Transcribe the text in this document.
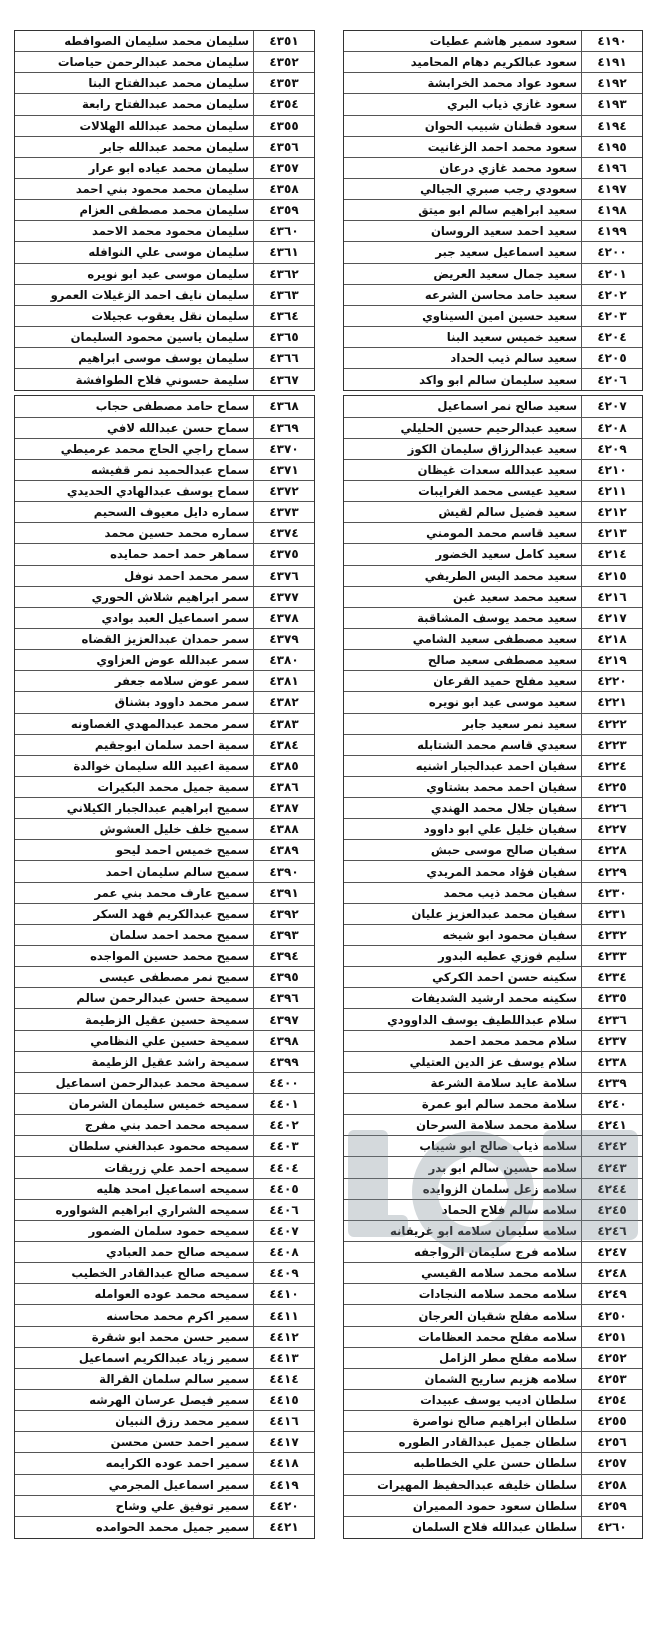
٤١٩٠
سعود سمير هاشم عطيات
٤١٩١
سعود عبالكريم دهام المحاميد
٤١٩٢
سعود عواد محمد الخرابشة
٤١٩٣
سعود غازي ذياب البري
٤١٩٤
سعود قطنان شبيب الحوان
٤١٩٥
سعود محمد احمد الزغانيت
٤١٩٦
سعود محمد غازي درعان
٤١٩٧
سعودي رجب صبري الجبالي
٤١٩٨
سعيد ابراهيم سالم ابو ميتق
٤١٩٩
سعيد احمد سعيد الروسان
٤٢٠٠
سعيد اسماعيل سعيد جبر
٤٢٠١
سعيد جمال سعيد العريض
٤٢٠٢
سعيد حامد محاسن الشرعه
٤٢٠٣
سعيد حسين امين السيناوي
٤٢٠٤
سعيد خميس سعيد البنا
٤٢٠٥
سعيد سالم ذيب الحداد
٤٢٠٦
سعيد سليمان سالم ابو واكد
٤٢٠٧
سعيد صالح نمر اسماعيل
٤٢٠٨
سعيد عبدالرحيم حسين الحليلي
٤٢٠٩
سعيد عبدالرزاق سليمان الكوز
٤٢١٠
سعيد عبدالله سعدات غيظان
٤٢١١
سعيد عيسى محمد الغرايبات
٤٢١٢
سعيد فضيل سالم لقيش
٤٢١٣
سعيد قاسم محمد المومني
٤٢١٤
سعيد كامل سعيد الخضور
٤٢١٥
سعيد محمد اليس الطريفي
٤٢١٦
سعيد محمد سعيد غبن
٤٢١٧
سعيد محمد يوسف المشاقبة
٤٢١٨
سعيد مصطفى سعيد الشامي
٤٢١٩
سعيد مصطفى سعيد صالح
٤٢٢٠
سعيد مفلح حميد القرعان
٤٢٢١
سعيد موسى عيد ابو نويره
٤٢٢٢
سعيد نمر سعيد جابر
٤٢٢٣
سعيدي قاسم محمد الشتابله
٤٢٢٤
سفيان احمد عبدالجبار اشنيه
٤٢٢٥
سفيان احمد محمد بشتاوي
٤٢٢٦
سفيان جلال محمد الهندي
٤٢٢٧
سفيان خليل علي ابو داوود
٤٢٢٨
سفيان صالح موسى حبش
٤٢٢٩
سفيان فؤاد محمد المريدي
٤٢٣٠
سفيان محمد ذيب محمد
٤٢٣١
سفيان محمد عبدالعزيز عليان
٤٢٣٢
سفيان محمود ابو شيخه
٤٢٣٣
سليم فوزي عطيه البدور
٤٢٣٤
سكينه حسن احمد الكركي
٤٢٣٥
سكينه محمد ارشيد الشديفات
٤٢٣٦
سلام عبداللطيف يوسف الداوودي
٤٢٣٧
سلام محمد محمد احمد
٤٢٣٨
سلام يوسف عز الدين العتيلي
٤٢٣٩
سلامة عايد سلامة الشرعة
٤٢٤٠
سلامة محمد سالم ابو عمرة
٤٢٤١
سلامة محمد سلامة السرحان
٤٢٤٢
سلامه ذياب صالح ابو شيباب
٤٢٤٣
سلامه حسين سالم ابو بدر
٤٢٤٤
سلامه زعل سلمان الزوايده
٤٢٤٥
سلامه سالم فلاح الحماد
٤٢٤٦
سلامه سليمان سلامه ابو غريقانه
٤٢٤٧
سلامه فرج سليمان الرواجفه
٤٢٤٨
سلامه محمد سلامه القيسي
٤٢٤٩
سلامه محمد سلامه النجادات
٤٢٥٠
سلامه مفلح شقيان العرجان
٤٢٥١
سلامه مفلح محمد العظامات
٤٢٥٢
سلامه مفلح مطر الزامل
٤٢٥٣
سلامه هزيم ساريح الشمان
٤٢٥٤
سلطان اديب يوسف عبيدات
٤٢٥٥
سلطان ابراهيم صالح نواصرة
٤٢٥٦
سلطان جميل عبدالقادر الطوره
٤٢٥٧
سلطان حسن علي الخطاطبه
٤٢٥٨
سلطان خليفه عبدالحفيظ المهيرات
٤٢٥٩
سلطان سعود حمود المميران
٤٢٦٠
سلطان عبدالله فلاح السلمان
٤٣٥١
سليمان محمد سليمان الصوافطه
٤٣٥٢
سليمان محمد عبدالرحمن حياصات
٤٣٥٣
سليمان محمد عبدالفتاح البنا
٤٣٥٤
سليمان محمد عبدالفتاح رابعة
٤٣٥٥
سليمان محمد عبدالله الهلالات
٤٣٥٦
سليمان محمد عبدالله جابر
٤٣٥٧
سليمان محمد عياده ابو عرار
٤٣٥٨
سليمان محمد محمود بني احمد
٤٣٥٩
سليمان محمد مصطفى العزام
٤٣٦٠
سليمان محمود محمد الاحمد
٤٣٦١
سليمان موسى علي النوافله
٤٣٦٢
سليمان موسى عيد ابو نويره
٤٣٦٣
سليمان نايف احمد الزغيلات العمرو
٤٣٦٤
سليمان نقل يعقوب عجيلات
٤٣٦٥
سليمان ياسين محمود السليمان
٤٣٦٦
سليمان يوسف موسى ابراهيم
٤٣٦٧
سليمة حسوني فلاح الطوافشة
٤٣٦٨
سماح حامد مصطفى حجاب
٤٣٦٩
سماح حسن عبدالله لافي
٤٣٧٠
سماح راجي الحاج محمد عرميطي
٤٣٧١
سماح عبدالحميد نمر قفيشه
٤٣٧٢
سماح يوسف عبدالهادي الحديدي
٤٣٧٣
سماره دايل معيوف السحيم
٤٣٧٤
سماره محمد حسين محمد
٤٣٧٥
سماهر حمد احمد حمايده
٤٣٧٦
سمر محمد احمد نوفل
٤٣٧٧
سمر ابراهيم شلاش الحوري
٤٣٧٨
سمر اسماعيل العبد بوادي
٤٣٧٩
سمر حمدان عبدالعزيز القضاه
٤٣٨٠
سمر عبدالله عوض العزاوي
٤٣٨١
سمر عوض سلامه جعفر
٤٣٨٢
سمر محمد داوود بشناق
٤٣٨٣
سمر محمد عبدالمهدي الغصاونه
٤٣٨٤
سمية احمد سلمان ابوجقيم
٤٣٨٥
سمية اعبيد الله سليمان خوالدة
٤٣٨٦
سمية جميل محمد البكيرات
٤٣٨٧
سميح ابراهيم عبدالجبار الكيلاني
٤٣٨٨
سميح خلف خليل العشوش
٤٣٨٩
سميح خميس احمد ليحو
٤٣٩٠
سميح سالم سليمان احمد
٤٣٩١
سميح عارف محمد بني عمر
٤٣٩٢
سميح عبدالكريم فهد السكر
٤٣٩٣
سميح محمد احمد سلمان
٤٣٩٤
سميح محمد حسين المواجده
٤٣٩٥
سميح نمر مصطفى عيسى
٤٣٩٦
سميحة حسن عبدالرحمن سالم
٤٣٩٧
سميحة حسين عقيل الزطيمة
٤٣٩٨
سميحة حسين علي النظامي
٤٣٩٩
سميحة راشد عقيل الزطيمة
٤٤٠٠
سميحة محمد عبدالرحمن اسماعيل
٤٤٠١
سميحه خميس سليمان الشرمان
٤٤٠٢
سميحه محمد احمد بني مفرج
٤٤٠٣
سميحه محمود عبدالغني سلطان
٤٤٠٤
سميحه احمد علي زريقات
٤٤٠٥
سميحه اسماعيل امحد هليه
٤٤٠٦
سميحه الشراري ابراهيم الشواوره
٤٤٠٧
سميحه حمود سلمان الضمور
٤٤٠٨
سميحه صالح حمد العبادي
٤٤٠٩
سميحه صالح عبدالقادر الخطيب
٤٤١٠
سميحه محمد عوده العوامله
٤٤١١
سمير اكرم محمد محاسنه
٤٤١٢
سمير حسن محمد ابو شقرة
٤٤١٣
سمير زياد عبدالكريم اسماعيل
٤٤١٤
سمير سالم سلمان القرالة
٤٤١٥
سمير فيصل عرسان الهرشه
٤٤١٦
سمير محمد رزق النبيان
٤٤١٧
سمير احمد حسن محسن
٤٤١٨
سمير احمد عوده الكرايمه
٤٤١٩
سمير اسماعيل المجرمي
٤٤٢٠
سمير توفيق علي وشاح
٤٤٢١
سمير جميل محمد الحوامده
